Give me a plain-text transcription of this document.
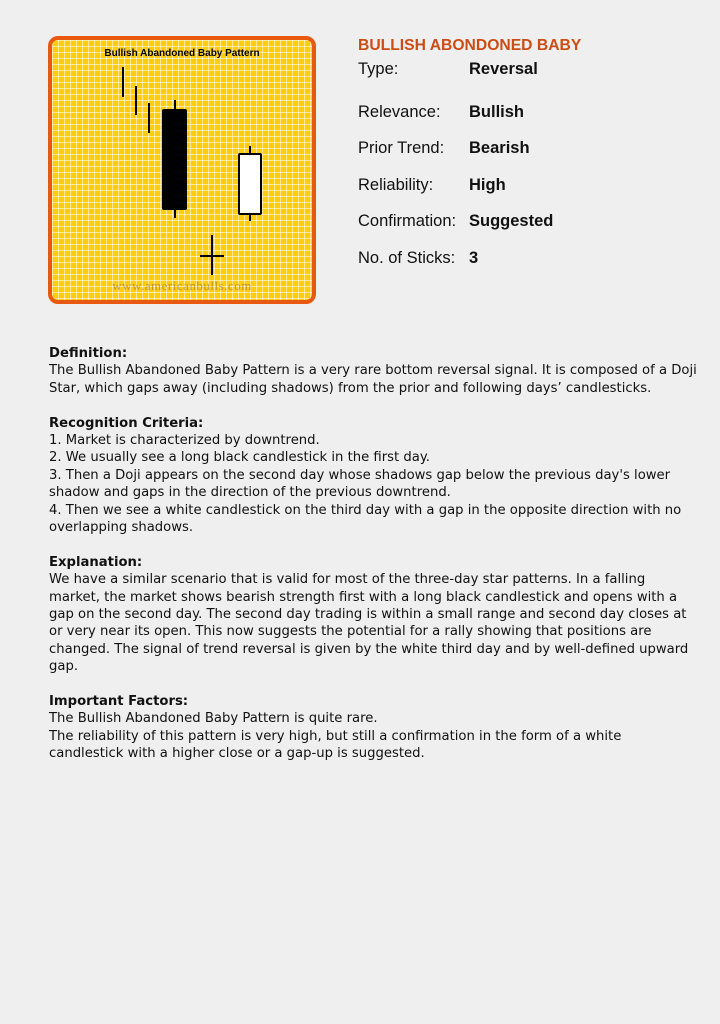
Bullish Abandoned Baby Pattern
www.americanbulls.com
BULLISH ABONDONED BABY
Type:	Reversal
Relevance: Bullish
Prior Trend: Bearish
Reliability: High
Confirmation: Suggested
No. of Sticks: 3
Definition:

The Bullish Abandoned Baby Pattern is a very rare bottom reversal signal. It is composed of a Doji Star, which gaps away (including shadows) from the prior and following days’ candlesticks.

Recognition Criteria:
1. Market is characterized by downtrend.
2. We usually see a long black candlestick in the first day.
3. Then a Doji appears on the second day whose shadows gap below the previous day's lower shadow and gaps in the direction of the previous downtrend.
4. Then we see a white candlestick on the third day with a gap in the opposite direction with no overlapping shadows.
Explanation:

We have a similar scenario that is valid for most of the three-day star patterns. In a falling market, the market shows bearish strength first with a long black candlestick and opens with a gap on the second day. The second day trading is within a small range and second day closes at or very near its open. This now suggests the potential for a rally showing that positions are changed. The signal of trend reversal is given by the white third day and by well-defined upward gap.

Important Factors:

The Bullish Abandoned Baby Pattern is quite rare.

The reliability of this pattern is very high, but still a confirmation in the form of a white candlestick with a higher close or a gap-up is suggested.
